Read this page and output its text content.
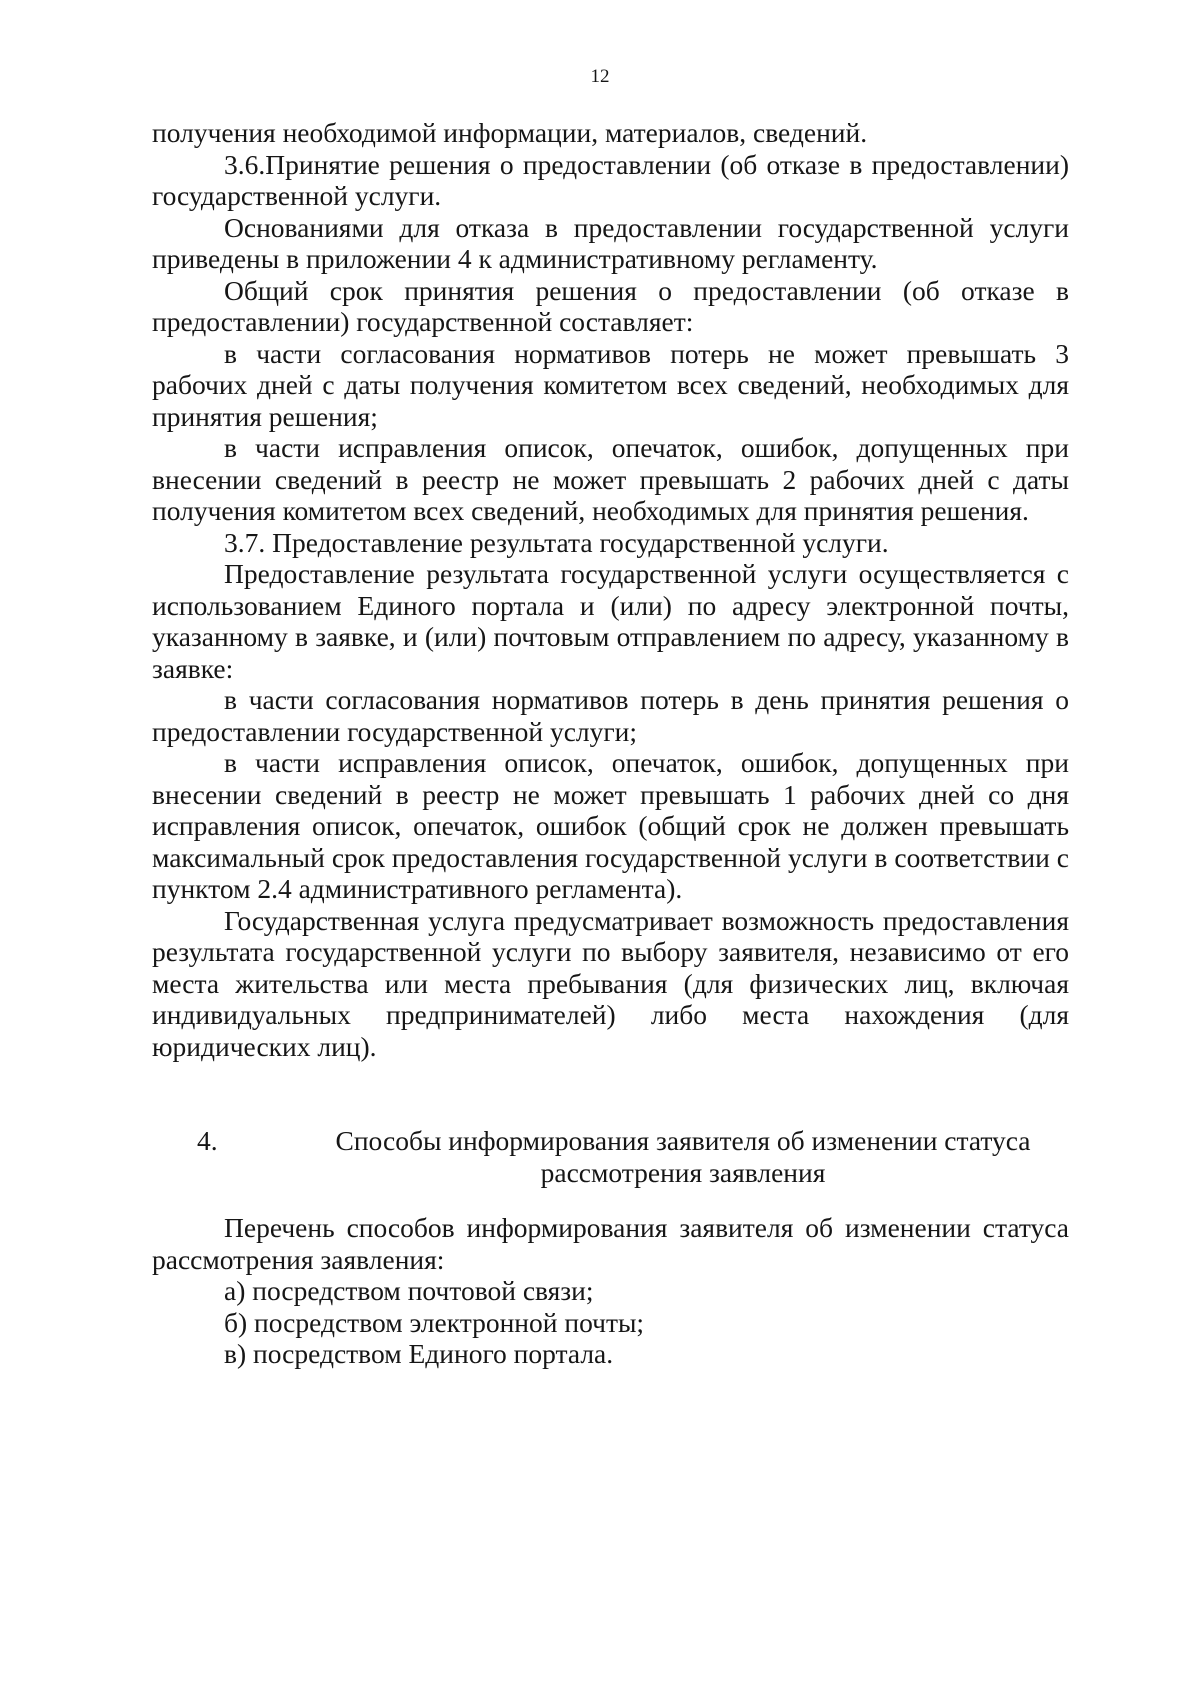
12

получения необходимой информации, материалов, сведений.

3.6.Принятие решения о предоставлении (об отказе в предоставлении) государственной услуги.

Основаниями для отказа в предоставлении государственной услуги приведены в приложении 4 к административному регламенту.

Общий срок принятия решения о предоставлении (об отказе в предоставлении) государственной составляет:

в части согласования нормативов потерь не может превышать 3 рабочих дней с даты получения комитетом всех сведений, необходимых для принятия решения;

в части исправления описок, опечаток, ошибок, допущенных при внесении сведений в реестр не может превышать 2 рабочих дней с даты получения комитетом всех сведений, необходимых для принятия решения.

3.7. Предоставление результата государственной услуги.

Предоставление результата государственной услуги осуществляется с использованием Единого портала и (или) по адресу электронной почты, указанному в заявке, и (или) почтовым отправлением по адресу, указанному в заявке:

в части согласования нормативов потерь в день принятия решения о предоставлении государственной услуги;

в части исправления описок, опечаток, ошибок, допущенных при внесении сведений в реестр не может превышать 1 рабочих дней со дня исправления описок, опечаток, ошибок (общий срок не должен превышать максимальный срок предоставления государственной услуги в соответствии с пунктом 2.4 административного регламента).

Государственная услуга предусматривает возможность предоставления результата государственной услуги по выбору заявителя, независимо от его места жительства или места пребывания (для физических лиц, включая индивидуальных предпринимателей) либо места нахождения (для юридических лиц).

4.	Способы информирования заявителя об изменении статуса рассмотрения заявления

Перечень способов информирования заявителя об изменении статуса рассмотрения заявления:

а) посредством почтовой связи;

б) посредством электронной почты;

в) посредством Единого портала.
